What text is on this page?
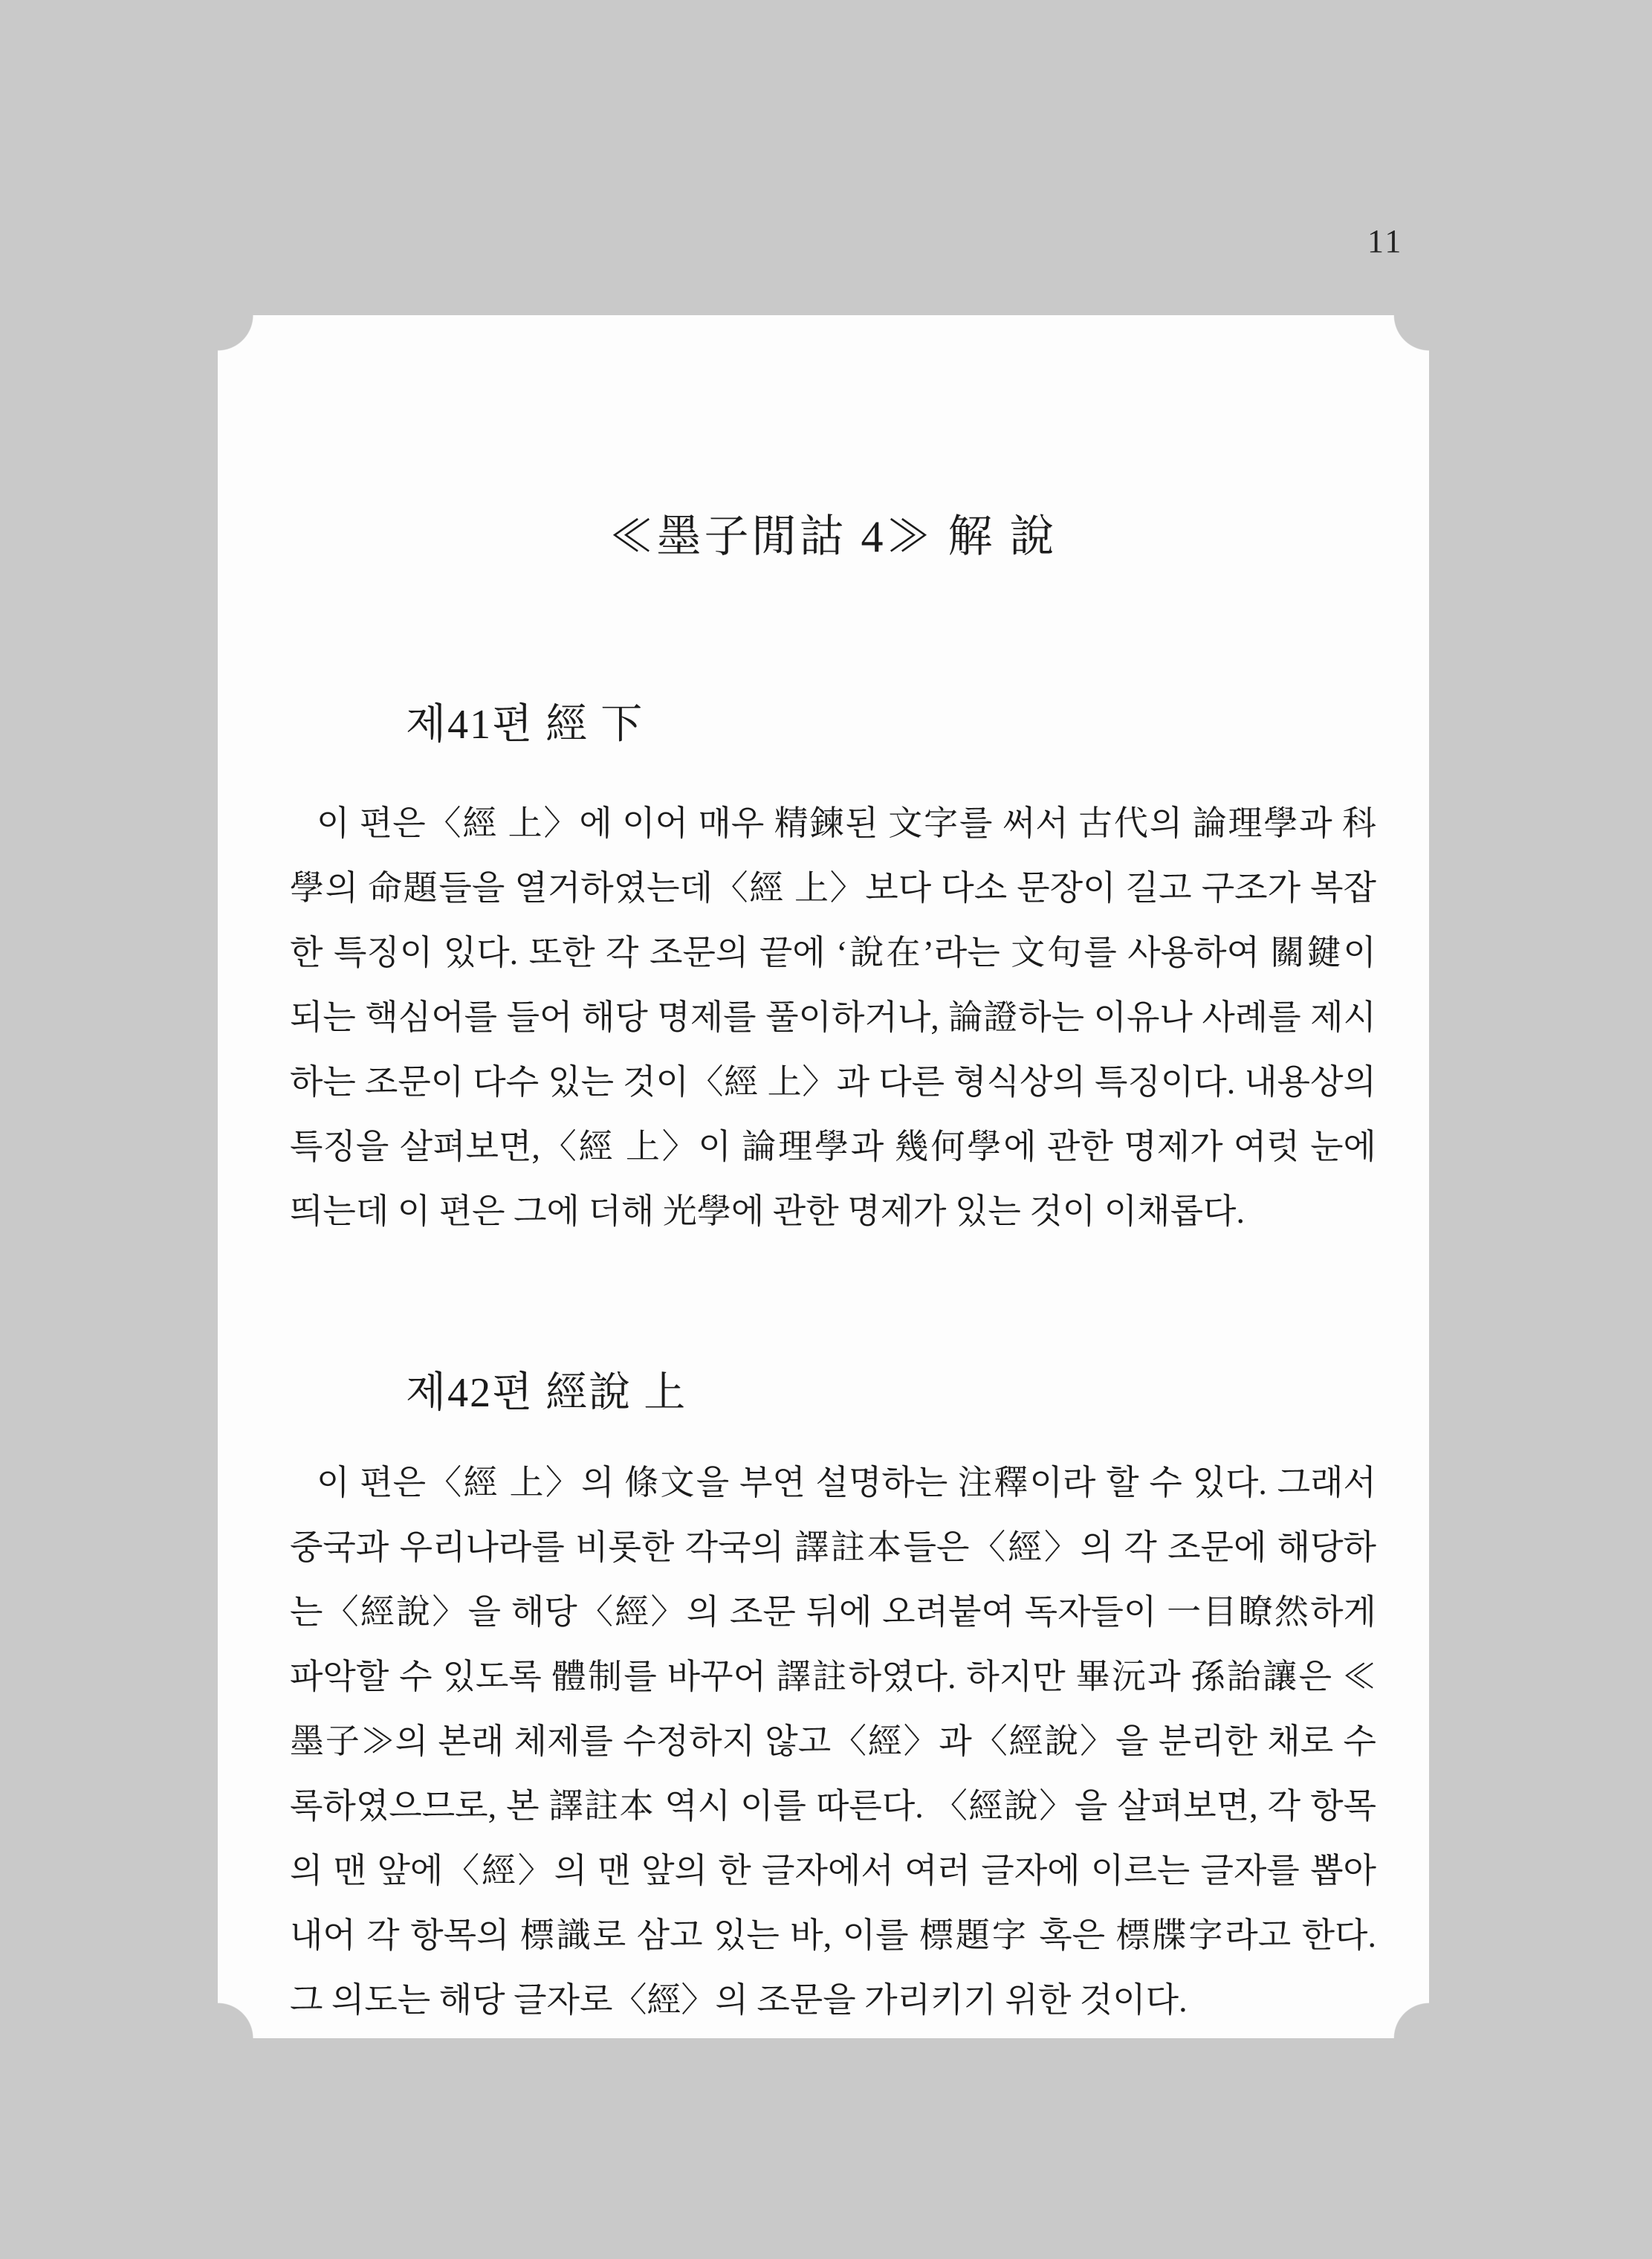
11
≪墨子閒詁 4≫ 解 說
제41편 經 下

이 편은〈經 上〉에 이어 매우 精鍊된 文字를 써서 古代의 論理學과 科學의 命題들을 열거하였는데〈經 上〉보다 다소 문장이 길고 구조가 복잡한 특징이 있다. 또한 각 조문의 끝에 ‘說在’라는 文句를 사용하여 關鍵이 되는 핵심어를 들어 해당 명제를 풀이하거나, 論證하는 이유나 사례를 제시하는 조문이 다수 있는 것이〈經 上〉과 다른 형식상의 특징이다. 내용상의 특징을 살펴보면,〈經 上〉이 論理學과 幾何學에 관한 명제가 여럿 눈에 띄는데 이 편은 그에 더해 光學에 관한 명제가 있는 것이 이채롭다.

제42편 經說 上

이 편은〈經 上〉의 條文을 부연 설명하는 注釋이라 할 수 있다. 그래서 중국과 우리나라를 비롯한 각국의 譯註本들은〈經〉의 각 조문에 해당하는〈經說〉을 해당〈經〉의 조문 뒤에 오려붙여 독자들이 一目瞭然하게 파악할 수 있도록 體制를 바꾸어 譯註하였다. 하지만 畢沅과 孫詒讓은 ≪墨子≫의 본래 체제를 수정하지 않고〈經〉과〈經說〉을 분리한 채로 수록하였으므로, 본 譯註本 역시 이를 따른다. 〈經說〉을 살펴보면, 각 항목의 맨 앞에〈經〉의 맨 앞의 한 글자에서 여러 글자에 이르는 글자를 뽑아내어 각 항목의 標識로 삼고 있는 바, 이를 標題字 혹은 標牒字라고 한다. 그 의도는 해당 글자로〈經〉의 조문을 가리키기 위한 것이다.
